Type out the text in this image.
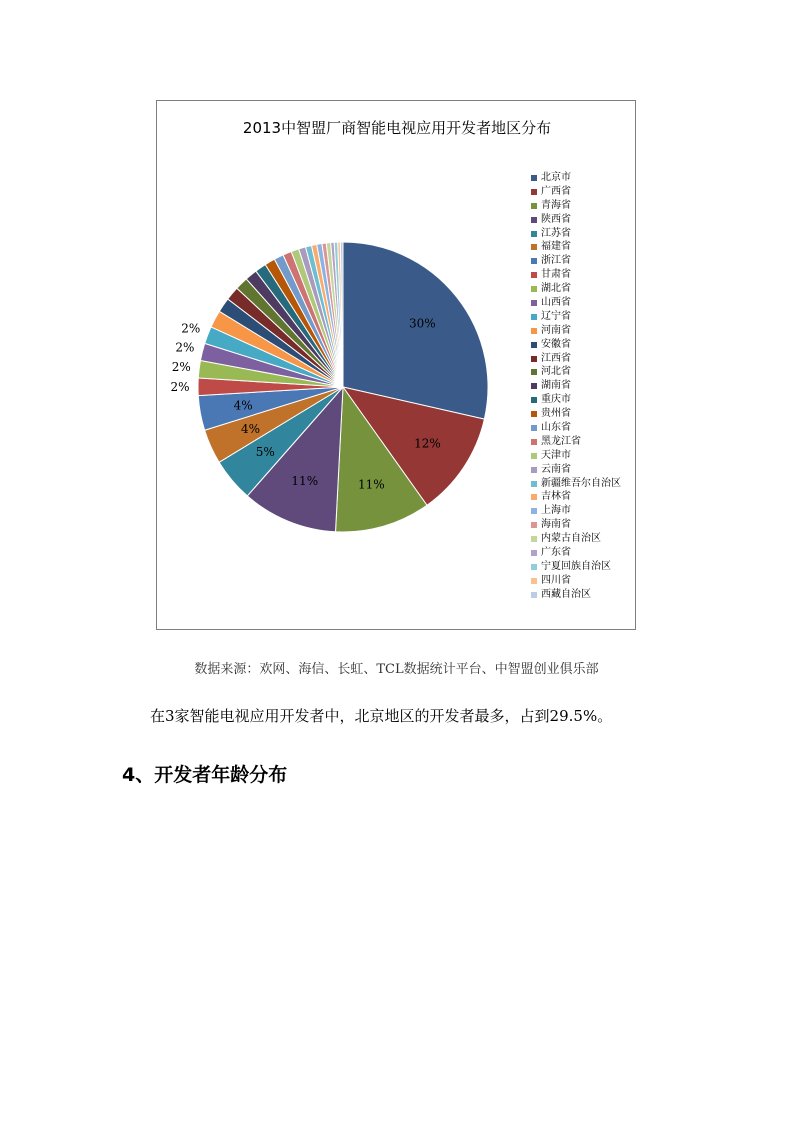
30%
12%
11%
11%
5%
4%
4%
2%
2%
2%
2%
2013中智盟厂商智能电视应用开发者地区分布
北京市
广西省
青海省
陕西省
江苏省
福建省
浙江省
甘肃省
湖北省
山西省
辽宁省
河南省
安徽省
江西省
河北省
湖南省
重庆市
贵州省
山东省
黑龙江省
天津市
云南省
新疆维吾尔自治区
吉林省
上海市
海南省
内蒙古自治区
广东省
宁夏回族自治区
四川省
西藏自治区
数据来源：欢网、海信、长虹、TCL数据统计平台、中智盟创业俱乐部
在3家智能电视应用开发者中，北京地区的开发者最多，占到29.5%。
4、开发者年龄分布
